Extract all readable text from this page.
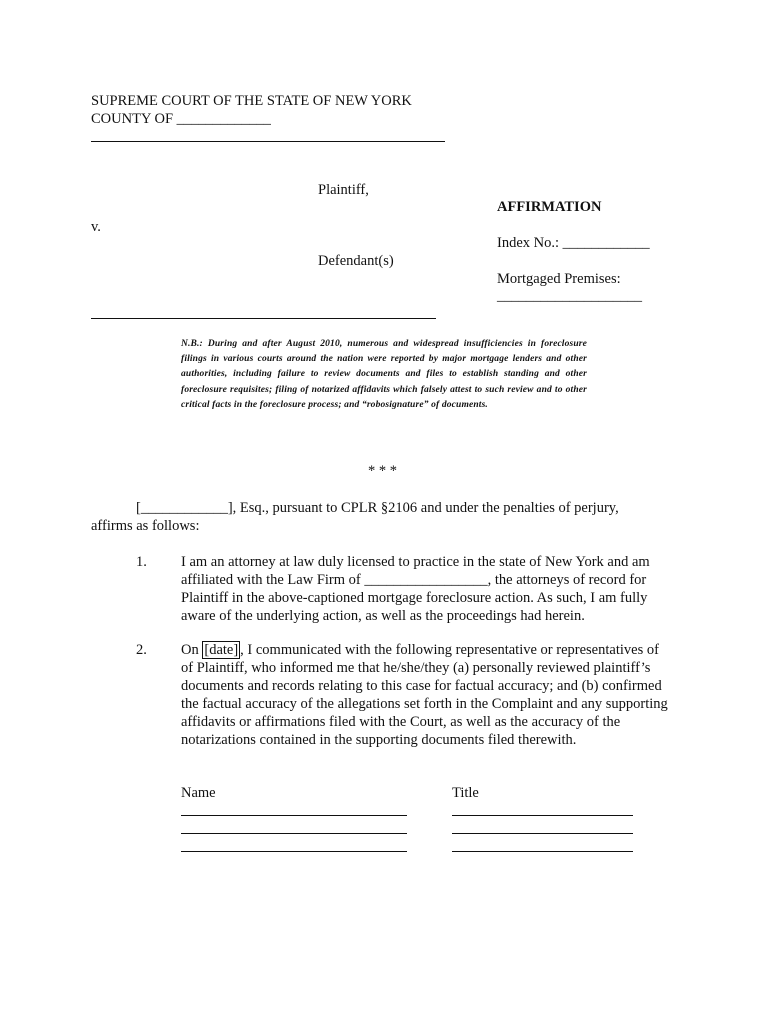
SUPREME COURT OF THE STATE OF NEW YORK
COUNTY OF _____________
Plaintiff,
AFFIRMATION
v.
Index No.: ____________
Defendant(s)
Mortgaged Premises:
____________________
N.B.: During and after August 2010, numerous and widespread insufficiencies in foreclosure filings in various courts around the nation were reported by major mortgage lenders and other authorities, including failure to review documents and files to establish standing and other foreclosure requisites; filing of notarized affidavits which falsely attest to such review and to other critical facts in the foreclosure process; and “robosignature” of documents.
* * *
[____________], Esq., pursuant to CPLR §2106 and under the penalties of perjury,
affirms as follows:
1. I am an attorney at law duly licensed to practice in the state of New York and am affiliated with the Law Firm of _________________, the attorneys of record for Plaintiff in the above-captioned mortgage foreclosure action. As such, I am fully aware of the underlying action, as well as the proceedings had herein.
2. On [date] , I communicated with the following representative or representatives of of Plaintiff, who informed me that he/she/they (a) personally reviewed plaintiff’s documents and records relating to this case for factual accuracy; and (b) confirmed the factual accuracy of the allegations set forth in the Complaint and any supporting affidavits or affirmations filed with the Court, as well as the accuracy of the notarizations contained in the supporting documents filed therewith.
Name	Title
